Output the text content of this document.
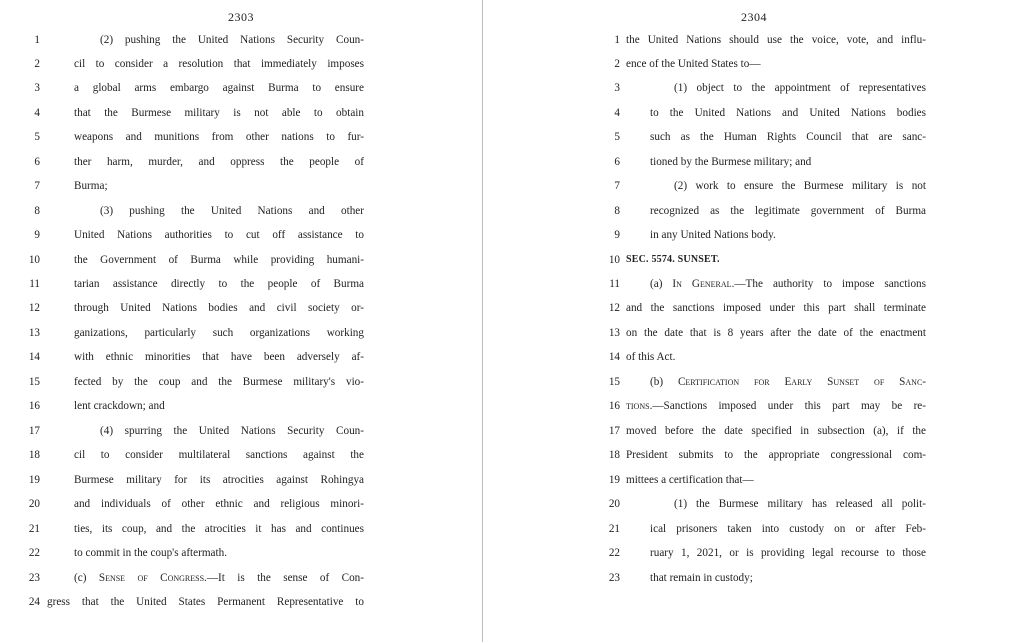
2303
1	(2) pushing the United Nations Security Coun-
2	cil to consider a resolution that immediately imposes
3	a global arms embargo against Burma to ensure
4	that the Burmese military is not able to obtain
5	weapons and munitions from other nations to fur-
6	ther harm, murder, and oppress the people of
7	Burma;
8	(3) pushing the United Nations and other
9	United Nations authorities to cut off assistance to
10	the Government of Burma while providing humani-
11	tarian assistance directly to the people of Burma
12	through United Nations bodies and civil society or-
13	ganizations, particularly such organizations working
14	with ethnic minorities that have been adversely af-
15	fected by the coup and the Burmese military's vio-
16	lent crackdown; and
17	(4) spurring the United Nations Security Coun-
18	cil to consider multilateral sanctions against the
19	Burmese military for its atrocities against Rohingya
20	and individuals of other ethnic and religious minori-
21	ties, its coup, and the atrocities it has and continues
22	to commit in the coup's aftermath.
23	(c) Sense of Congress.—It is the sense of Con-
24 gress that the United States Permanent Representative to
2304
1 the United Nations should use the voice, vote, and influ-
2 ence of the United States to—
3	(1) object to the appointment of representatives
4	to the United Nations and United Nations bodies
5	such as the Human Rights Council that are sanc-
6	tioned by the Burmese military; and
7	(2) work to ensure the Burmese military is not
8	recognized as the legitimate government of Burma
9	in any United Nations body.
10 SEC. 5574. SUNSET.
11	(a) In General.—The authority to impose sanctions
12 and the sanctions imposed under this part shall terminate
13 on the date that is 8 years after the date of the enactment
14 of this Act.
15	(b) Certification for Early Sunset of Sanc-
16 tions.—Sanctions imposed under this part may be re-
17 moved before the date specified in subsection (a), if the
18 President submits to the appropriate congressional com-
19 mittees a certification that—
20	(1) the Burmese military has released all polit-
21	ical prisoners taken into custody on or after Feb-
22	ruary 1, 2021, or is providing legal recourse to those
23	that remain in custody;
